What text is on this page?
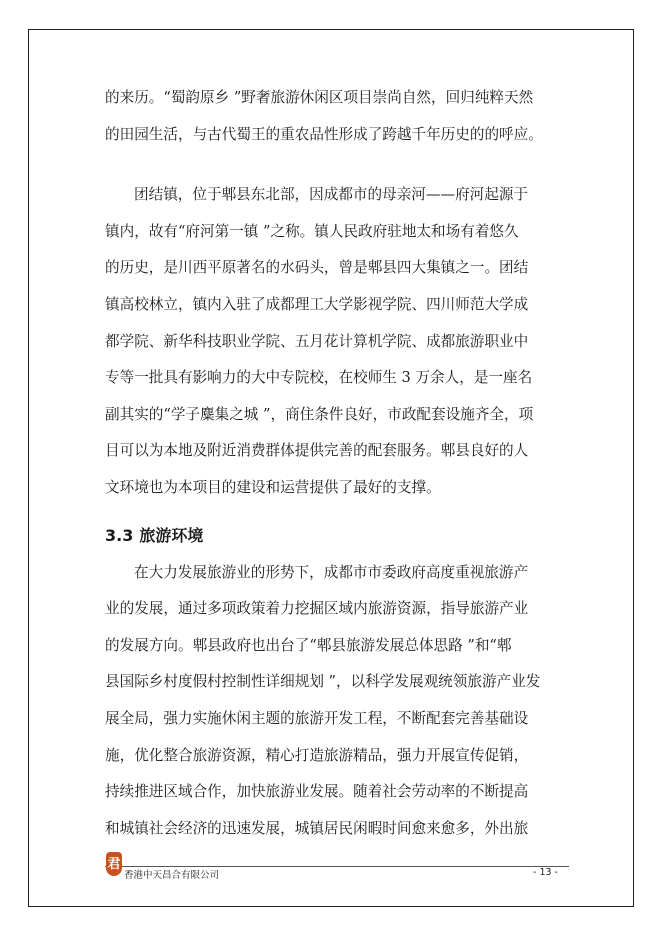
的来历。“蜀韵原乡 ”野奢旅游休闲区项目崇尚自然，回归纯粹天然
的田园生活，与古代蜀王的重农品性形成了跨越千年历史的的呼应。

团结镇，位于郫县东北部，因成都市的母亲河——府河起源于
镇内，故有“府河第一镇 ”之称。镇人民政府驻地太和场有着悠久
的历史，是川西平原著名的水码头，曾是郫县四大集镇之一。团结
镇高校林立，镇内入驻了成都理工大学影视学院、四川师范大学成
都学院、新华科技职业学院、五月花计算机学院、成都旅游职业中
专等一批具有影响力的大中专院校，在校师生 3 万余人，是一座名
副其实的“学子麋集之城 ”，商住条件良好，市政配套设施齐全，项
目可以为本地及附近消费群体提供完善的配套服务。郫县良好的人
文环境也为本项目的建设和运营提供了最好的支撑。

3.3 旅游环境

在大力发展旅游业的形势下，成都市市委政府高度重视旅游产
业的发展，通过多项政策着力挖掘区域内旅游资源，指导旅游产业
的发展方向。郫县政府也出台了“郫县旅游发展总体思路 ”和“郫
县国际乡村度假村控制性详细规划 ”，以科学发展观统领旅游产业发
展全局，强力实施休闲主题的旅游开发工程，不断配套完善基础设
施，优化整合旅游资源，精心打造旅游精品，强力开展宣传促销，
持续推进区域合作，加快旅游业发展。随着社会劳动率的不断提高
和城镇社会经济的迅速发展，城镇居民闲暇时间愈来愈多，外出旅

君
香港中天昌合有限公司	- 13 -
